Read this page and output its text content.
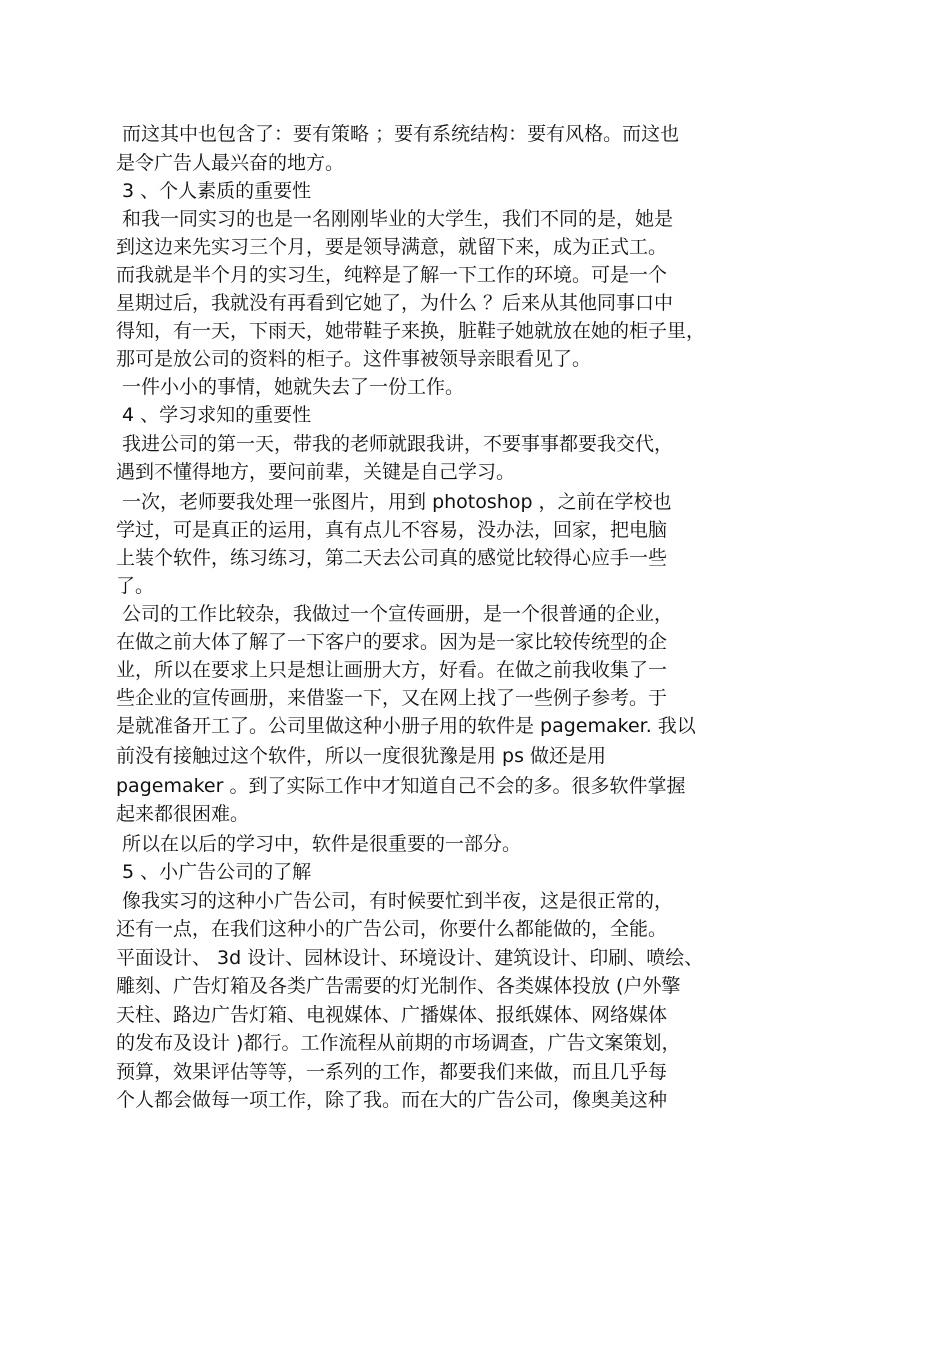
而这其中也包含了：要有策略 ；要有系统结构：要有风格。而这也
是令广告人最兴奋的地方。
3 、个人素质的重要性
和我一同实习的也是一名刚刚毕业的大学生，我们不同的是，她是
到这边来先实习三个月，要是领导满意，就留下来，成为正式工。
而我就是半个月的实习生，纯粹是了解一下工作的环境。可是一个
星期过后，我就没有再看到它她了，为什么 ？后来从其他同事口中
得知，有一天，下雨天，她带鞋子来换，脏鞋子她就放在她的柜子里，
那可是放公司的资料的柜子。这件事被领导亲眼看见了。
一件小小的事情，她就失去了一份工作。
4 、学习求知的重要性
我进公司的第一天，带我的老师就跟我讲，不要事事都要我交代，
遇到不懂得地方，要问前辈，关键是自己学习。
一次，老师要我处理一张图片，用到 photoshop ，之前在学校也
学过，可是真正的运用，真有点儿不容易，没办法，回家，把电脑
上装个软件，练习练习，第二天去公司真的感觉比较得心应手一些
了。
公司的工作比较杂，我做过一个宣传画册，是一个很普通的企业，
在做之前大体了解了一下客户的要求。因为是一家比较传统型的企
业，所以在要求上只是想让画册大方，好看。在做之前我收集了一
些企业的宣传画册，来借鉴一下，又在网上找了一些例子参考。于
是就准备开工了。公司里做这种小册子用的软件是 pagemaker. 我以
前没有接触过这个软件，所以一度很犹豫是用 ps 做还是用
pagemaker 。到了实际工作中才知道自己不会的多。很多软件掌握
起来都很困难。
所以在以后的学习中，软件是很重要的一部分。
5 、小广告公司的了解
像我实习的这种小广告公司，有时候要忙到半夜，这是很正常的，
还有一点，在我们这种小的广告公司，你要什么都能做的，全能。
平面设计、 3d 设计、园林设计、环境设计、建筑设计、印刷、喷绘、
雕刻、广告灯箱及各类广告需要的灯光制作、各类媒体投放 (户外擎
天柱、路边广告灯箱、电视媒体、广播媒体、报纸媒体、网络媒体
的发布及设计 )都行。工作流程从前期的市场调查，广告文案策划，
预算，效果评估等等，一系列的工作，都要我们来做，而且几乎每
个人都会做每一项工作，除了我。而在大的广告公司，像奥美这种
